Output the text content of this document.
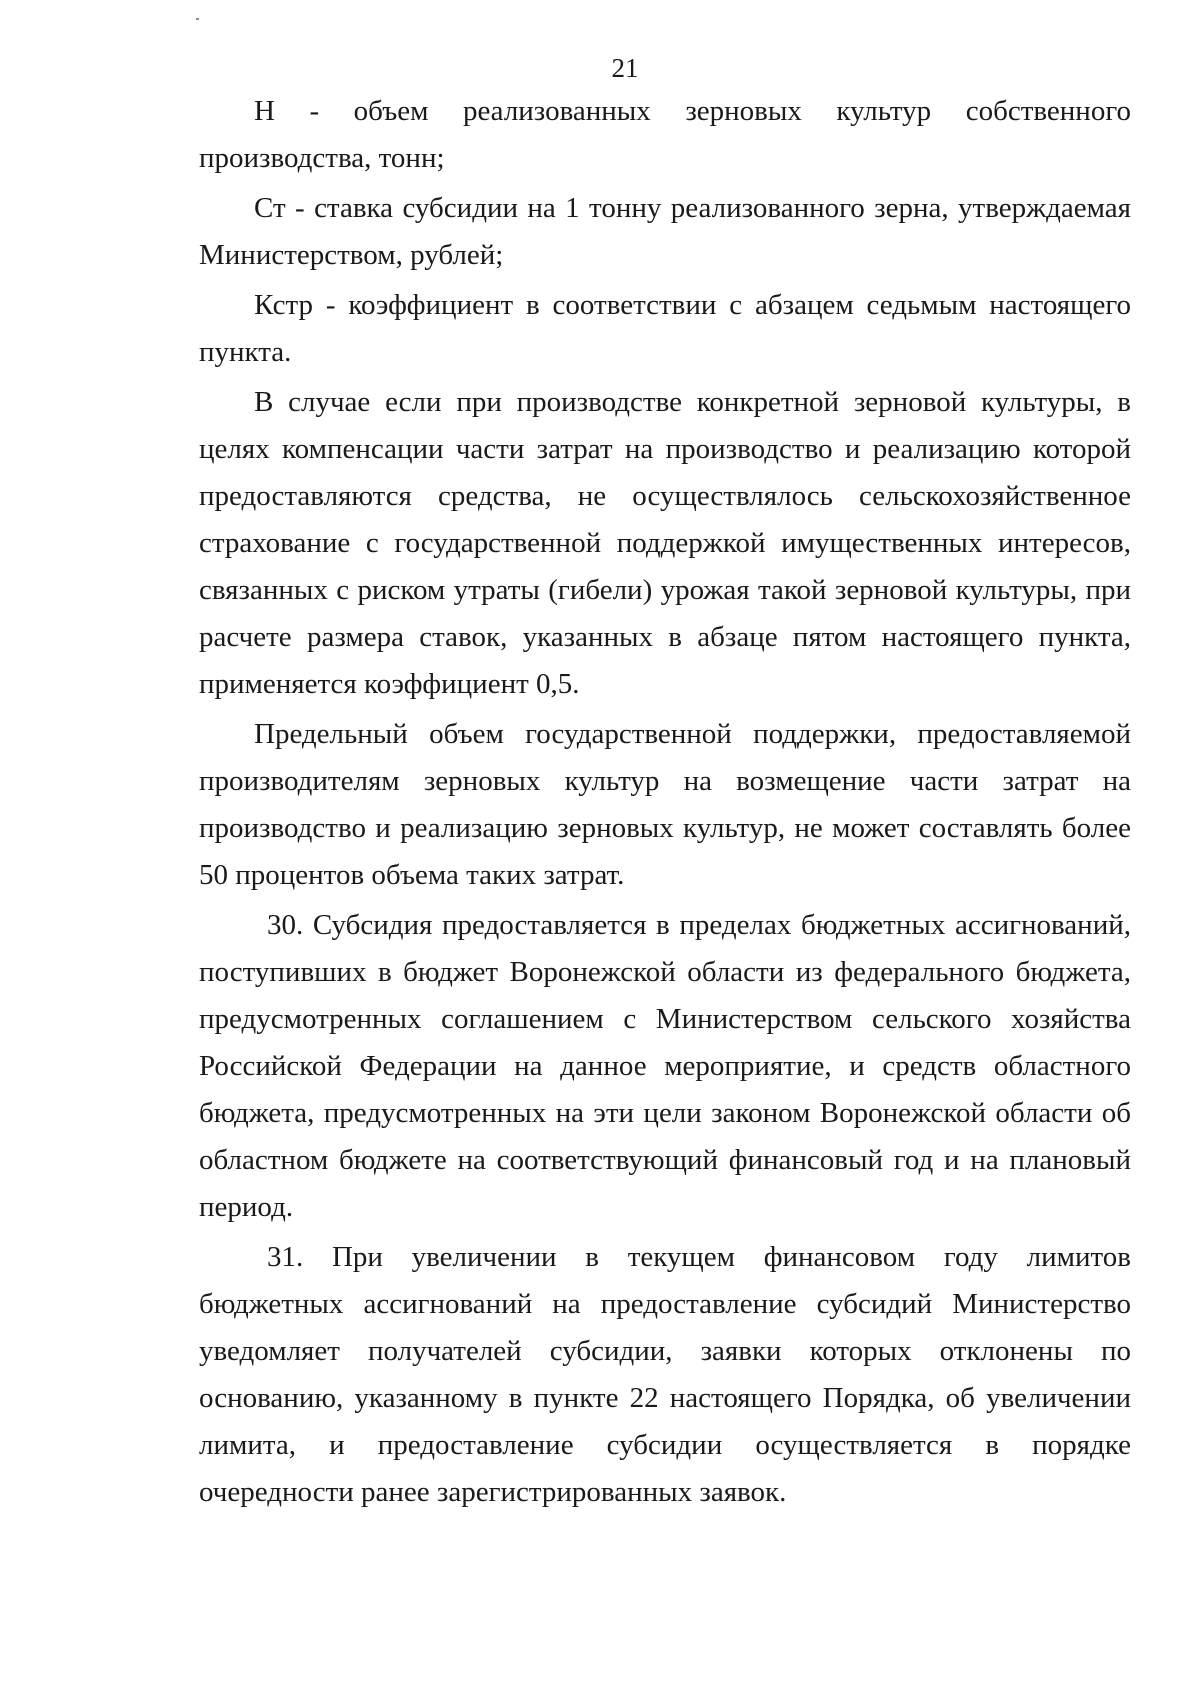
21

Н - объем реализованных зерновых культур собственного производства, тонн;

Ст - ставка субсидии на 1 тонну реализованного зерна, утверждаемая Министерством, рублей;

Кстр - коэффициент в соответствии с абзацем седьмым настоящего пункта.

В случае если при производстве конкретной зерновой культуры, в целях компенсации части затрат на производство и реализацию которой предоставляются средства, не осуществлялось сельскохозяйственное страхование с государственной поддержкой имущественных интересов, связанных с риском утраты (гибели) урожая такой зерновой культуры, при расчете размера ставок, указанных в абзаце пятом настоящего пункта, применяется коэффициент 0,5.

Предельный объем государственной поддержки, предоставляемой производителям зерновых культур на возмещение части затрат на производство и реализацию зерновых культур, не может составлять более 50 процентов объема таких затрат.

30. Субсидия предоставляется в пределах бюджетных ассигнований, поступивших в бюджет Воронежской области из федерального бюджета, предусмотренных соглашением с Министерством сельского хозяйства Российской Федерации на данное мероприятие, и средств областного бюджета, предусмотренных на эти цели законом Воронежской области об областном бюджете на соответствующий финансовый год и на плановый период.

31. При увеличении в текущем финансовом году лимитов бюджетных ассигнований на предоставление субсидий Министерство уведомляет получателей субсидии, заявки которых отклонены по основанию, указанному в пункте 22 настоящего Порядка, об увеличении лимита, и предоставление субсидии осуществляется в порядке очередности ранее зарегистрированных заявок.
